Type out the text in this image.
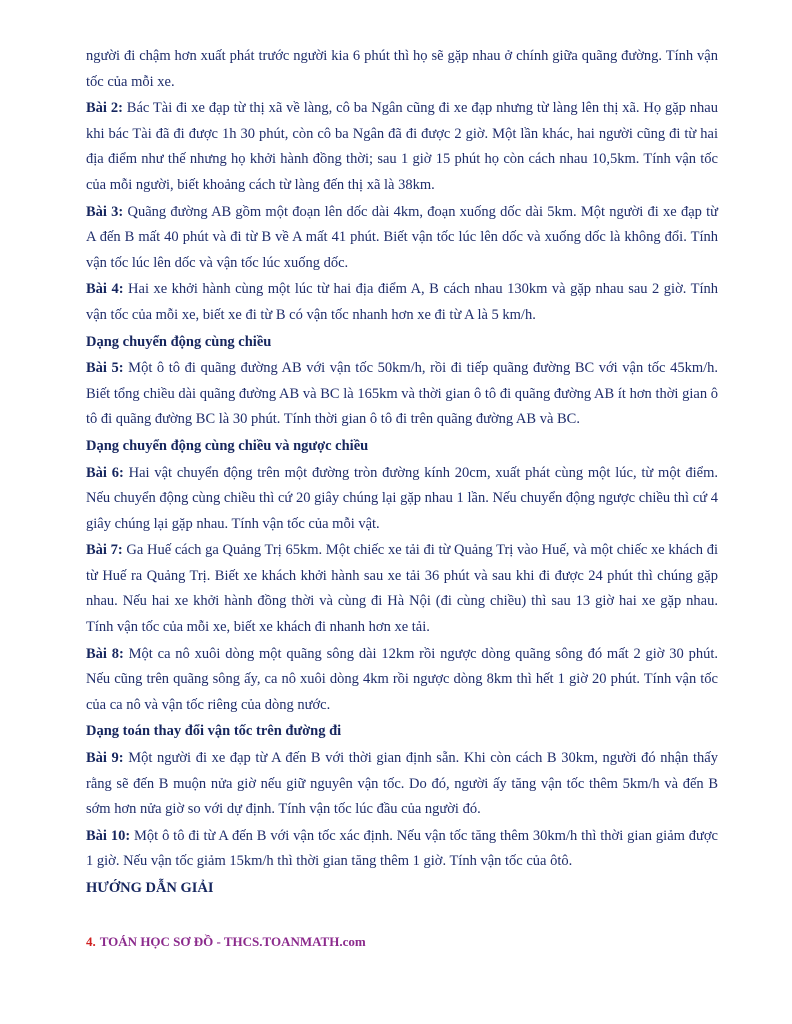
người đi chậm hơn xuất phát trước người kia 6 phút thì họ sẽ gặp nhau ở chính giữa quãng đường. Tính vận tốc của mỗi xe.

Bài 2: Bác Tài đi xe đạp từ thị xã về làng, cô ba Ngân cũng đi xe đạp nhưng từ làng lên thị xã. Họ gặp nhau khi bác Tài đã đi được 1h 30 phút, còn cô ba Ngân đã đi được 2 giờ. Một lần khác, hai người cũng đi từ hai địa điểm như thế nhưng họ khởi hành đồng thời; sau 1 giờ 15 phút họ còn cách nhau 10,5km. Tính vận tốc của mỗi người, biết khoảng cách từ làng đến thị xã là 38km.

Bài 3: Quãng đường AB gồm một đoạn lên dốc dài 4km, đoạn xuống dốc dài 5km. Một người đi xe đạp từ A đến B mất 40 phút và đi từ B về A mất 41 phút. Biết vận tốc lúc lên dốc và xuống dốc là không đổi. Tính vận tốc lúc lên dốc và vận tốc lúc xuống dốc.

Bài 4: Hai xe khởi hành cùng một lúc từ hai địa điểm A, B cách nhau 130km và gặp nhau sau 2 giờ. Tính vận tốc của mỗi xe, biết xe đi từ B có vận tốc nhanh hơn xe đi từ A là 5 km/h.

Dạng chuyển động cùng chiều

Bài 5: Một ô tô đi quãng đường AB với vận tốc 50km/h, rồi đi tiếp quãng đường BC với vận tốc 45km/h. Biết tổng chiều dài quãng đường AB và BC là 165km và thời gian ô tô đi quãng đường AB ít hơn thời gian ô tô đi quãng đường BC là 30 phút. Tính thời gian ô tô đi trên quãng đường AB và BC.

Dạng chuyển động cùng chiều và ngược chiều

Bài 6: Hai vật chuyển động trên một đường tròn đường kính 20cm, xuất phát cùng một lúc, từ một điểm. Nếu chuyển động cùng chiều thì cứ 20 giây chúng lại gặp nhau 1 lần. Nếu chuyển động ngược chiều thì cứ 4 giây chúng lại gặp nhau. Tính vận tốc của mỗi vật.

Bài 7: Ga Huế cách ga Quảng Trị 65km. Một chiếc xe tải đi từ Quảng Trị vào Huế, và một chiếc xe khách đi từ Huế ra Quảng Trị. Biết xe khách khởi hành sau xe tải 36 phút và sau khi đi được 24 phút thì chúng gặp nhau. Nếu hai xe khởi hành đồng thời và cùng đi Hà Nội (đi cùng chiều) thì sau 13 giờ hai xe gặp nhau. Tính vận tốc của mỗi xe, biết xe khách đi nhanh hơn xe tải.

Bài 8: Một ca nô xuôi dòng một quãng sông dài 12km rồi ngược dòng quãng sông đó mất 2 giờ 30 phút. Nếu cũng trên quãng sông ấy, ca nô xuôi dòng 4km rồi ngược dòng 8km thì hết 1 giờ 20 phút. Tính vận tốc của ca nô và vận tốc riêng của dòng nước.

Dạng toán thay đổi vận tốc trên đường đi

Bài 9: Một người đi xe đạp từ A đến B với thời gian định sẵn. Khi còn cách B 30km, người đó nhận thấy rằng sẽ đến B muộn nửa giờ nếu giữ nguyên vận tốc. Do đó, người ấy tăng vận tốc thêm 5km/h và đến B sớm hơn nửa giờ so với dự định. Tính vận tốc lúc đầu của người đó.

Bài 10: Một ô tô đi từ A đến B với vận tốc xác định. Nếu vận tốc tăng thêm 30km/h thì thời gian giảm được 1 giờ. Nếu vận tốc giảm 15km/h thì thời gian tăng thêm 1 giờ. Tính vận tốc của ôtô.

HƯỚNG DẪN GIẢI

4. TOÁN HỌC SƠ ĐỒ - THCS.TOANMATH.com
